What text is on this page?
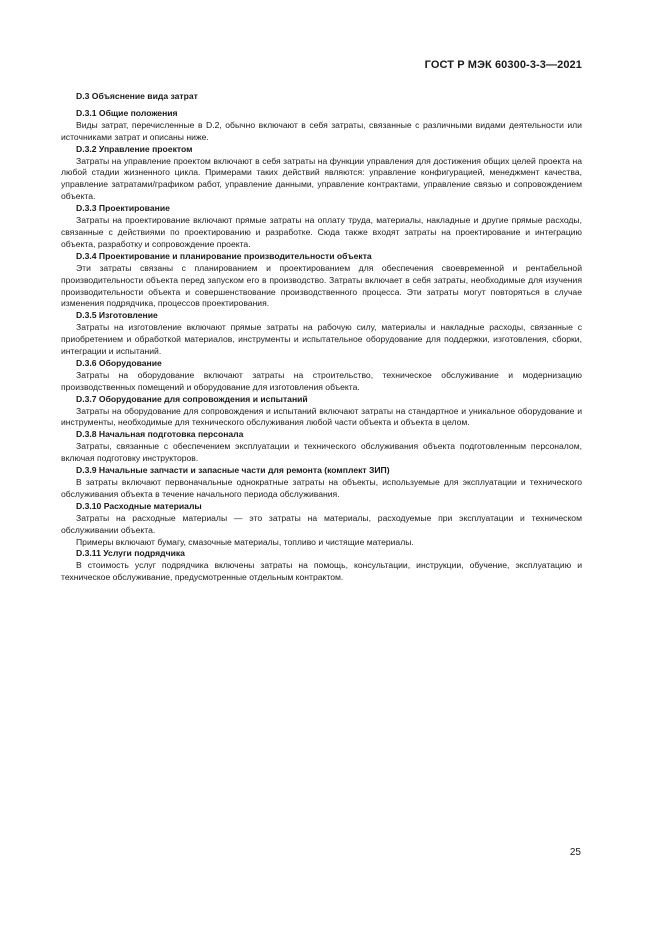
ГОСТ Р МЭК 60300-3-3—2021
D.3 Объяснение вида затрат
D.3.1 Общие положения
Виды затрат, перечисленные в D.2, обычно включают в себя затраты, связанные с различными видами деятельности или источниками затрат и описаны ниже.
D.3.2 Управление проектом
Затраты на управление проектом включают в себя затраты на функции управления для достижения общих целей проекта на любой стадии жизненного цикла. Примерами таких действий являются: управление конфигурацией, менеджмент качества, управление затратами/графиком работ, управление данными, управление контрактами, управление связью и сопровождением объекта.
D.3.3 Проектирование
Затраты на проектирование включают прямые затраты на оплату труда, материалы, накладные и другие прямые расходы, связанные с действиями по проектированию и разработке. Сюда также входят затраты на проектирование и интеграцию объекта, разработку и сопровождение проекта.
D.3.4 Проектирование и планирование производительности объекта
Эти затраты связаны с планированием и проектированием для обеспечения своевременной и рентабельной производительности объекта перед запуском его в производство. Затраты включает в себя затраты, необходимые для изучения производительности объекта и совершенствование производственного процесса. Эти затраты могут повторяться в случае изменения подрядчика, процессов проектирования.
D.3.5 Изготовление
Затраты на изготовление включают прямые затраты на рабочую силу, материалы и накладные расходы, связанные с приобретением и обработкой материалов, инструменты и испытательное оборудование для поддержки, изготовления, сборки, интеграции и испытаний.
D.3.6 Оборудование
Затраты на оборудование включают затраты на строительство, техническое обслуживание и модернизацию производственных помещений и оборудование для изготовления объекта.
D.3.7 Оборудование для сопровождения и испытаний
Затраты на оборудование для сопровождения и испытаний включают затраты на стандартное и уникальное оборудование и инструменты, необходимые для технического обслуживания любой части объекта и объекта в целом.
D.3.8 Начальная подготовка персонала
Затраты, связанные с обеспечением эксплуатации и технического обслуживания объекта подготовленным персоналом, включая подготовку инструкторов.
D.3.9 Начальные запчасти и запасные части для ремонта (комплект ЗИП)
В затраты включают первоначальные однократные затраты на объекты, используемые для эксплуатации и технического обслуживания объекта в течение начального периода обслуживания.
D.3.10 Расходные материалы
Затраты на расходные материалы — это затраты на материалы, расходуемые при эксплуатации и техническом обслуживании объекта.
Примеры включают бумагу, смазочные материалы, топливо и чистящие материалы.
D.3.11 Услуги подрядчика
В стоимость услуг подрядчика включены затраты на помощь, консультации, инструкции, обучение, эксплуатацию и техническое обслуживание, предусмотренные отдельным контрактом.
25
